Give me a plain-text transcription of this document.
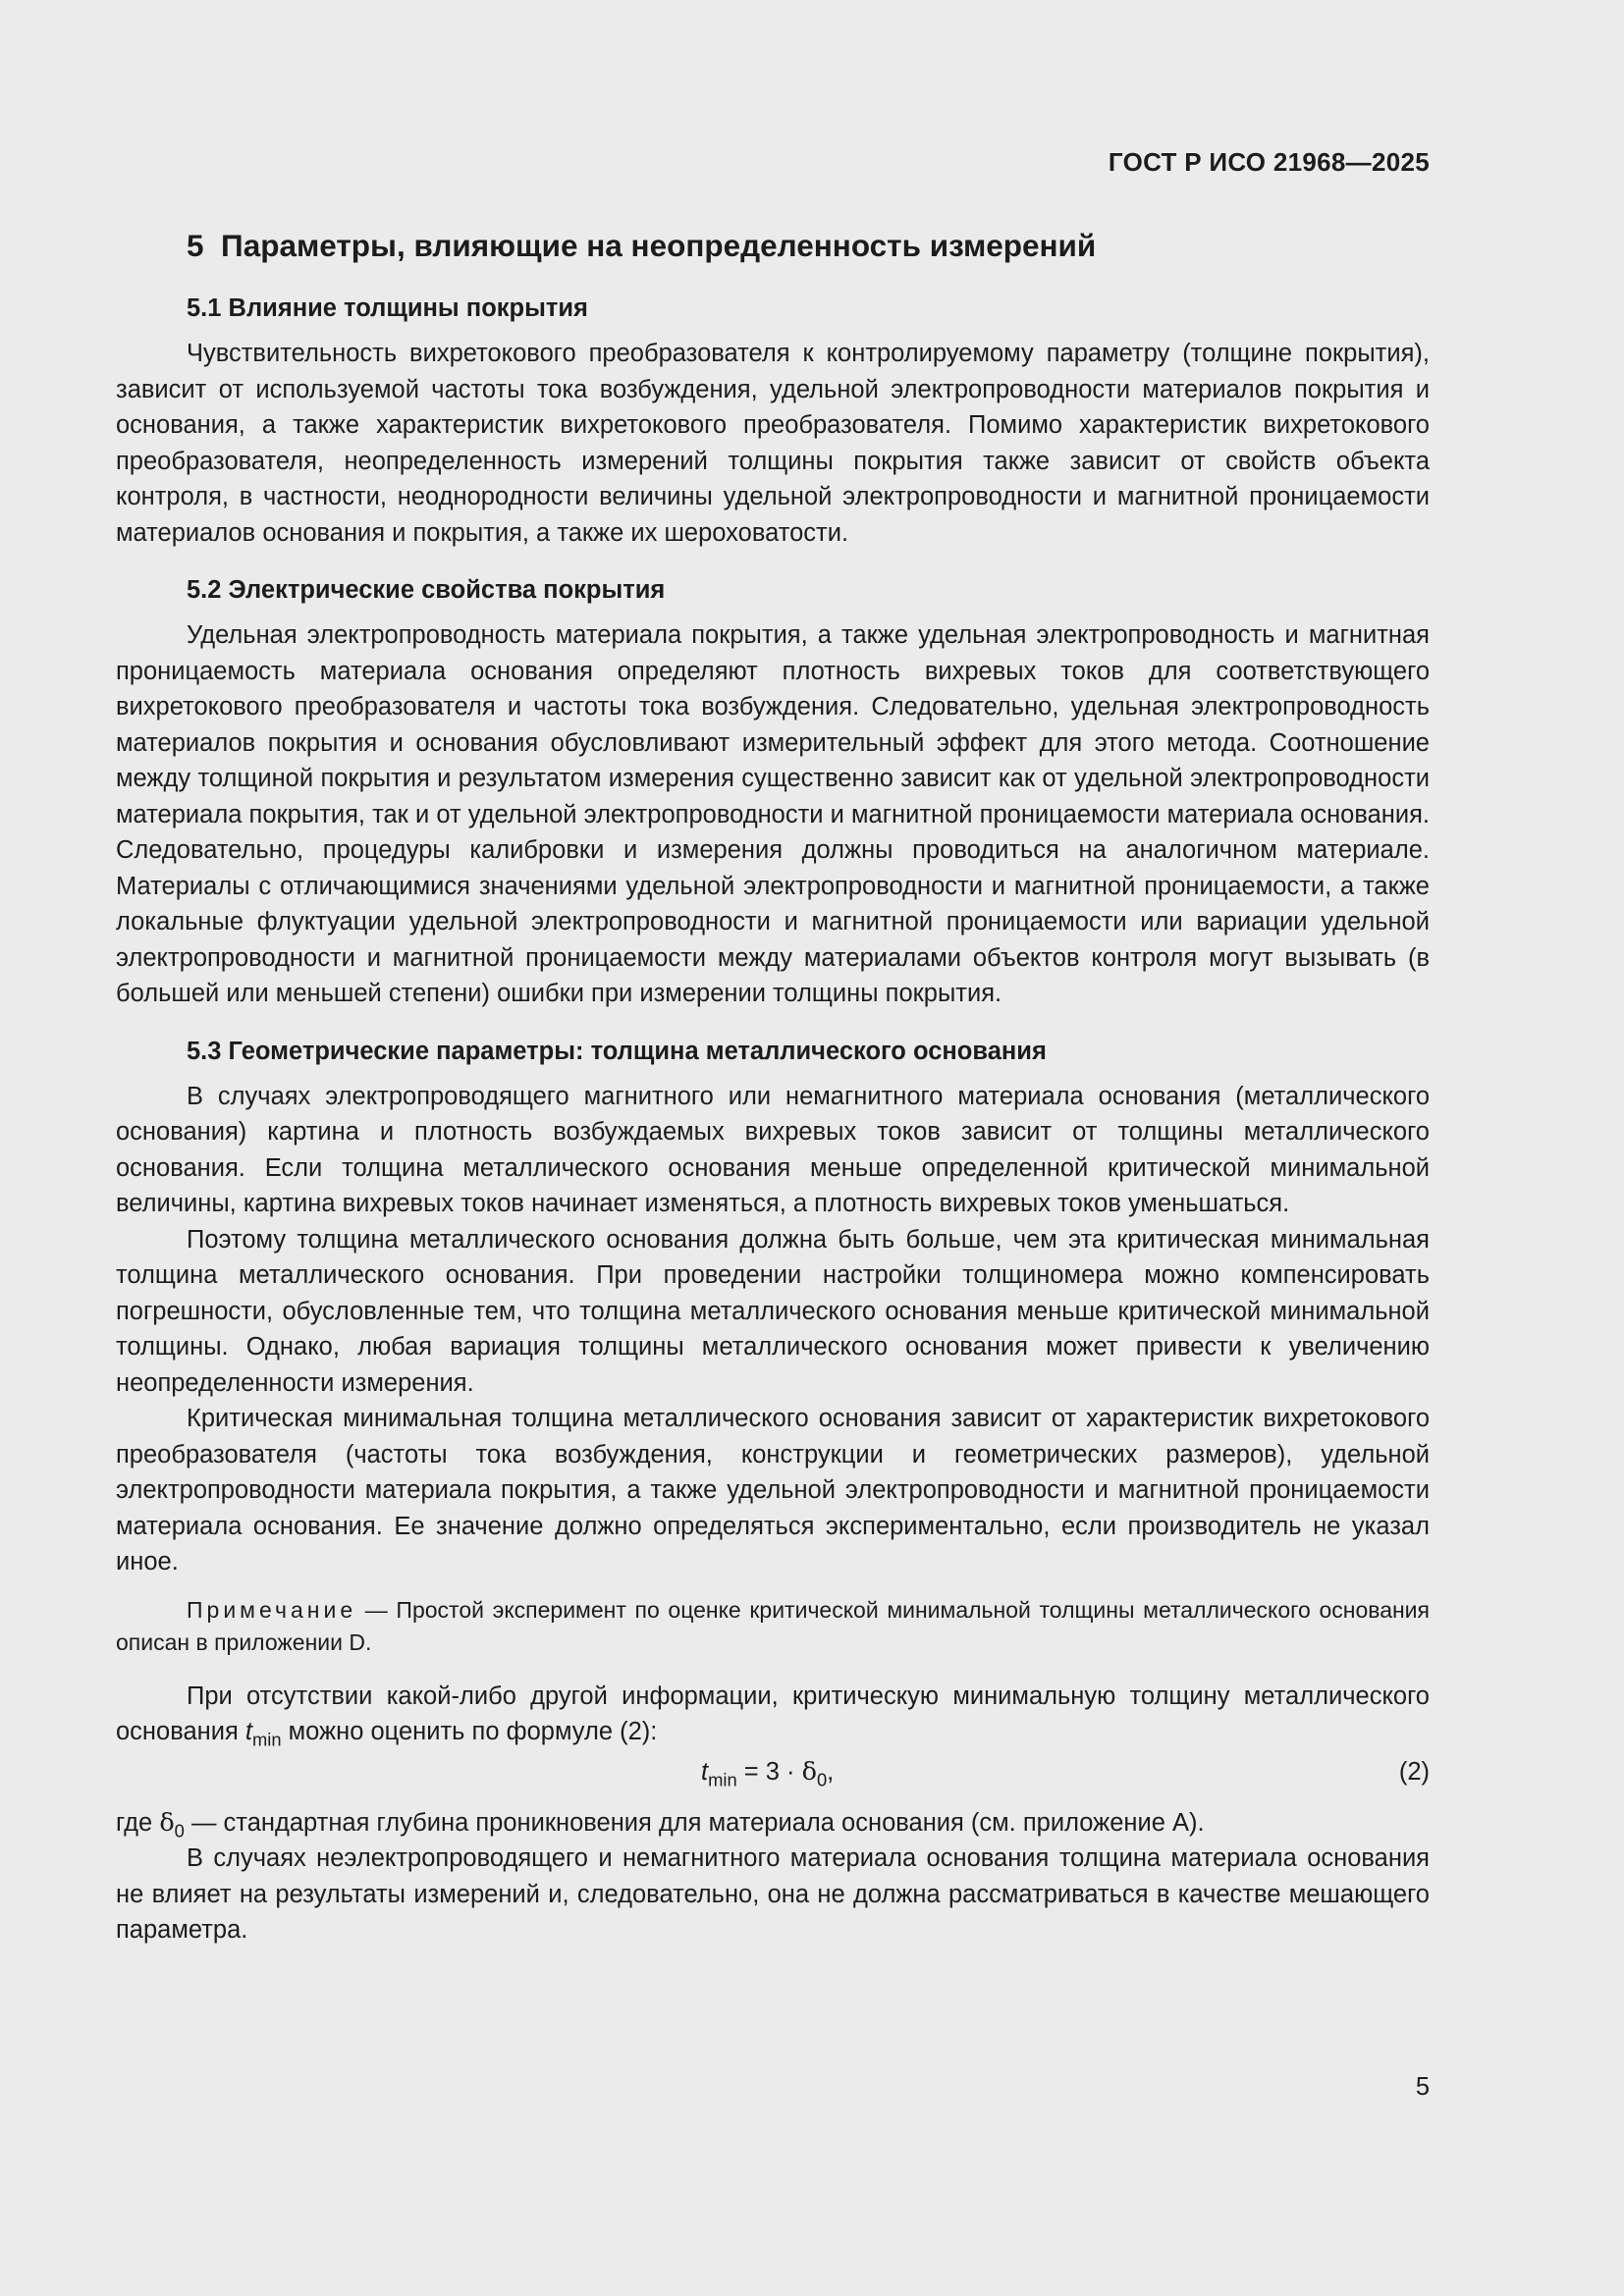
ГОСТ Р ИСО 21968—2025
5 Параметры, влияющие на неопределенность измерений
5.1 Влияние толщины покрытия

Чувствительность вихретокового преобразователя к контролируемому параметру (толщине покрытия), зависит от используемой частоты тока возбуждения, удельной электропроводности материалов покрытия и основания, а также характеристик вихретокового преобразователя. Помимо характеристик вихретокового преобразователя, неопределенность измерений толщины покрытия также зависит от свойств объекта контроля, в частности, неоднородности величины удельной электропроводности и магнитной проницаемости материалов основания и покрытия, а также их шероховатости.

5.2 Электрические свойства покрытия

Удельная электропроводность материала покрытия, а также удельная электропроводность и магнитная проницаемость материала основания определяют плотность вихревых токов для соответствующего вихретокового преобразователя и частоты тока возбуждения. Следовательно, удельная электропроводность материалов покрытия и основания обусловливают измерительный эффект для этого метода. Соотношение между толщиной покрытия и результатом измерения существенно зависит как от удельной электропроводности материала покрытия, так и от удельной электропроводности и магнитной проницаемости материала основания. Следовательно, процедуры калибровки и измерения должны проводиться на аналогичном материале. Материалы с отличающимися значениями удельной электропроводности и магнитной проницаемости, а также локальные флуктуации удельной электропроводности и магнитной проницаемости или вариации удельной электропроводности и магнитной проницаемости между материалами объектов контроля могут вызывать (в большей или меньшей степени) ошибки при измерении толщины покрытия.

5.3 Геометрические параметры: толщина металлического основания

В случаях электропроводящего магнитного или немагнитного материала основания (металлического основания) картина и плотность возбуждаемых вихревых токов зависит от толщины металлического основания. Если толщина металлического основания меньше определенной критической минимальной величины, картина вихревых токов начинает изменяться, а плотность вихревых токов уменьшаться.

Поэтому толщина металлического основания должна быть больше, чем эта критическая минимальная толщина металлического основания. При проведении настройки толщиномера можно компенсировать погрешности, обусловленные тем, что толщина металлического основания меньше критической минимальной толщины. Однако, любая вариация толщины металлического основания может привести к увеличению неопределенности измерения.

Критическая минимальная толщина металлического основания зависит от характеристик вихретокового преобразователя (частоты тока возбуждения, конструкции и геометрических размеров), удельной электропроводности материала покрытия, а также удельной электропроводности и магнитной проницаемости материала основания. Ее значение должно определяться экспериментально, если производитель не указал иное.

Примечание — Простой эксперимент по оценке критической минимальной толщины металлического основания описан в приложении D.

При отсутствии какой-либо другой информации, критическую минимальную толщину металлического основания $t_{min}$ можно оценить по формуле (2):

$t_{min} = 3 \cdot \delta_0$,	(2)

где $\delta_0$ — стандартная глубина проникновения для материала основания (см. приложение А).

В случаях неэлектропроводящего и немагнитного материала основания толщина материала основания не влияет на результаты измерений и, следовательно, она не должна рассматриваться в качестве мешающего параметра.

5
